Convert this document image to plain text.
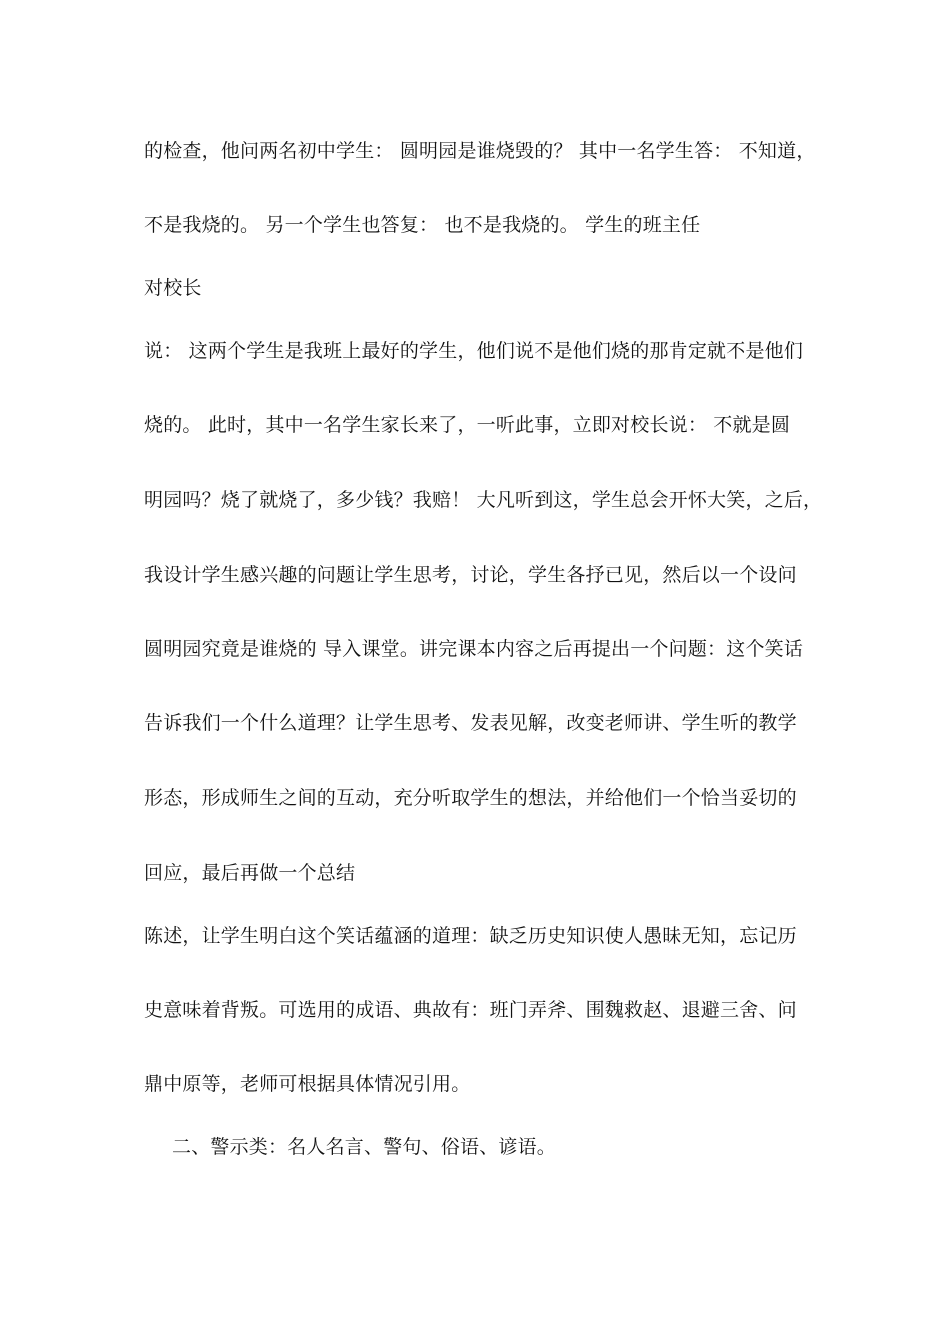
的检查，他问两名初中学生： 圆明园是谁烧毁的？ 其中一名学生答： 不知道，
不是我烧的。 另一个学生也答复： 也不是我烧的。 学生的班主任
对校长
说： 这两个学生是我班上最好的学生，他们说不是他们烧的那肯定就不是他们
烧的。 此时，其中一名学生家长来了，一听此事，立即对校长说： 不就是圆
明园吗？烧了就烧了，多少钱？我赔！ 大凡听到这，学生总会开怀大笑，之后，
我设计学生感兴趣的问题让学生思考，讨论，学生各抒已见，然后以一个设问
圆明园究竟是谁烧的 导入课堂。讲完课本内容之后再提出一个问题：这个笑话
告诉我们一个什么道理？让学生思考、发表见解，改变老师讲、学生听的教学
形态，形成师生之间的互动，充分听取学生的想法，并给他们一个恰当妥切的
回应，最后再做一个总结
陈述，让学生明白这个笑话蕴涵的道理：缺乏历史知识使人愚昧无知，忘记历
史意味着背叛。可选用的成语、典故有：班门弄斧、围魏救赵、退避三舍、问
鼎中原等，老师可根据具体情况引用。
二、警示类：名人名言、警句、俗语、谚语。
